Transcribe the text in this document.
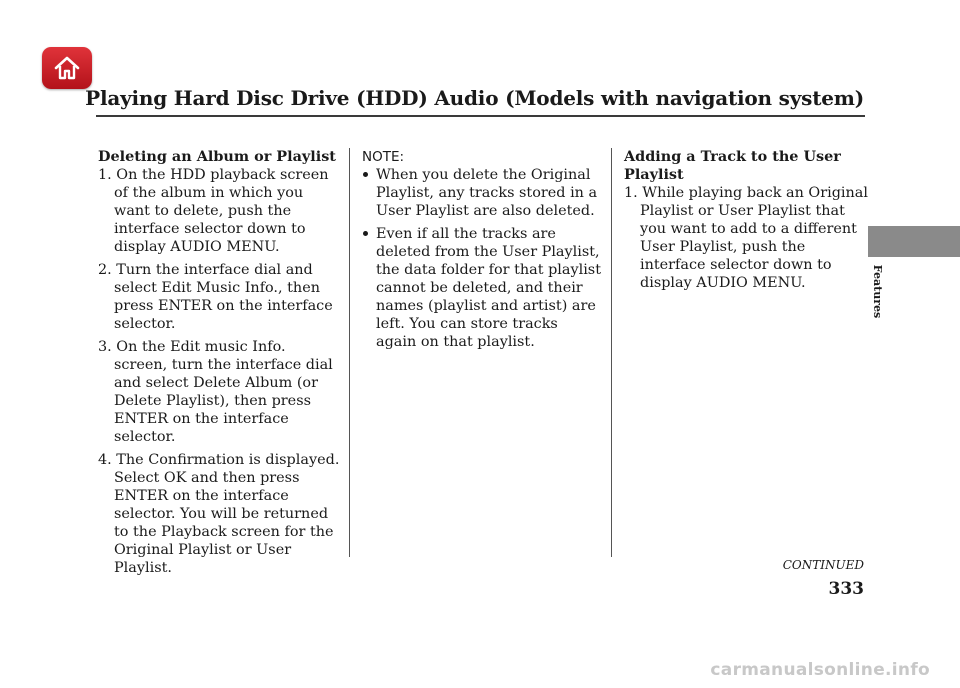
Playing Hard Disc Drive (HDD) Audio (Models with navigation system)
Deleting an Album or Playlist
1. On the HDD playback screen of the album in which you want to delete, push the interface selector down to display AUDIO MENU.
2. Turn the interface dial and select Edit Music Info., then press ENTER on the interface selector.
3. On the Edit music Info. screen, turn the interface dial and select Delete Album (or Delete Playlist), then press ENTER on the interface selector.
4. The Confirmation is displayed. Select OK and then press ENTER on the interface selector. You will be returned to the Playback screen for the Original Playlist or User Playlist.
NOTE:
When you delete the Original Playlist, any tracks stored in a User Playlist are also deleted.
Even if all the tracks are deleted from the User Playlist, the data folder for that playlist cannot be deleted, and their names (playlist and artist) are left. You can store tracks again on that playlist.
Adding a Track to the User Playlist
1. While playing back an Original Playlist or User Playlist that you want to add to a different User Playlist, push the interface selector down to display AUDIO MENU.	Features
CONTINUED
333
carmanualsonline.info
